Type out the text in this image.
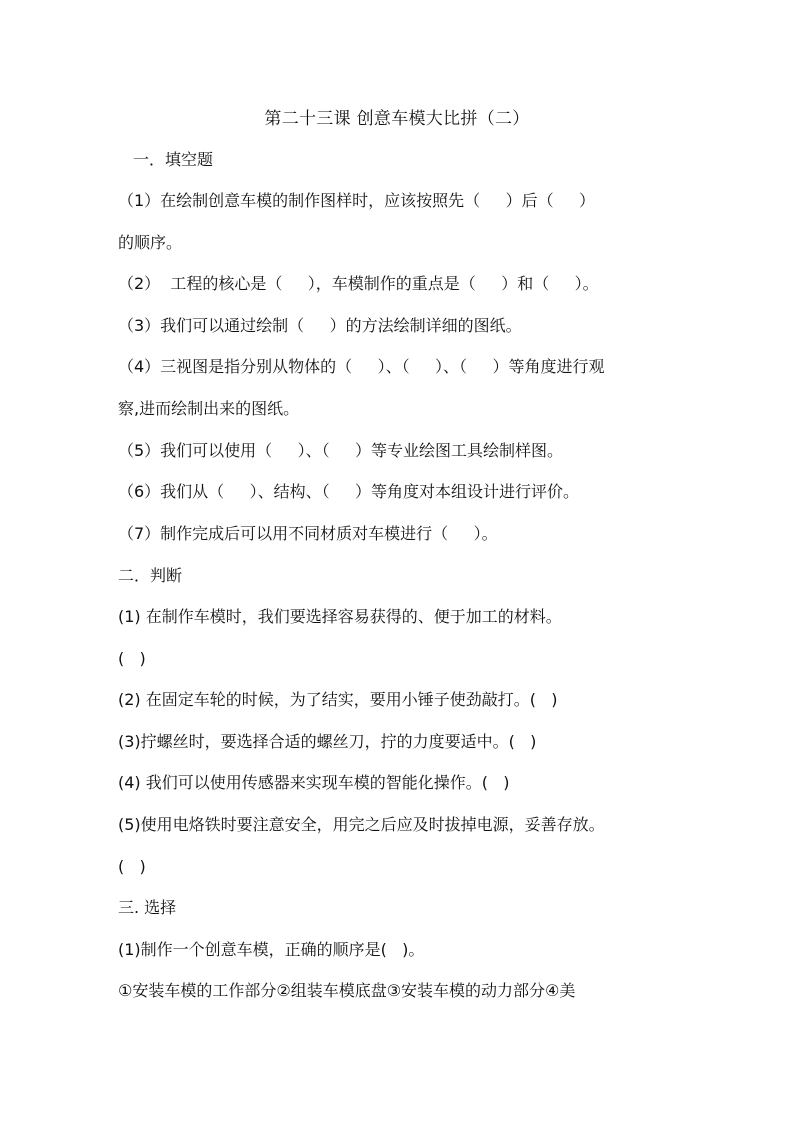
第二十三课 创意车模大比拼（二）
一．填空题
（1）在绘制创意车模的制作图样时，应该按照先（     ）后（     ）
的顺序。
（2）  工程的核心是（     ），车模制作的重点是（     ）和（     ）。
（3）我们可以通过绘制（     ）的方法绘制详细的图纸。
（4）三视图是指分别从物体的（     ）、（     ）、（     ）等角度进行观
察,进而绘制出来的图纸。
（5）我们可以使用（     ）、（     ）等专业绘图工具绘制样图。
（6）我们从（     ）、结构、（     ）等角度对本组设计进行评价。
（7）制作完成后可以用不同材质对车模进行（     ）。
二．判断
(1) 在制作车模时，我们要选择容易获得的、便于加工的材料。
(   )
(2) 在固定车轮的时候，为了结实，要用小锤子使劲敲打。(   )
(3)拧螺丝时，要选择合适的螺丝刀，拧的力度要适中。(   )
(4) 我们可以使用传感器来实现车模的智能化操作。(   )
(5)使用电烙铁时要注意安全，用完之后应及时拔掉电源，妥善存放。
(   )
三. 选择
(1)制作一个创意车模，正确的顺序是(   )。
①安装车模的工作部分②组装车模底盘③安装车模的动力部分④美
